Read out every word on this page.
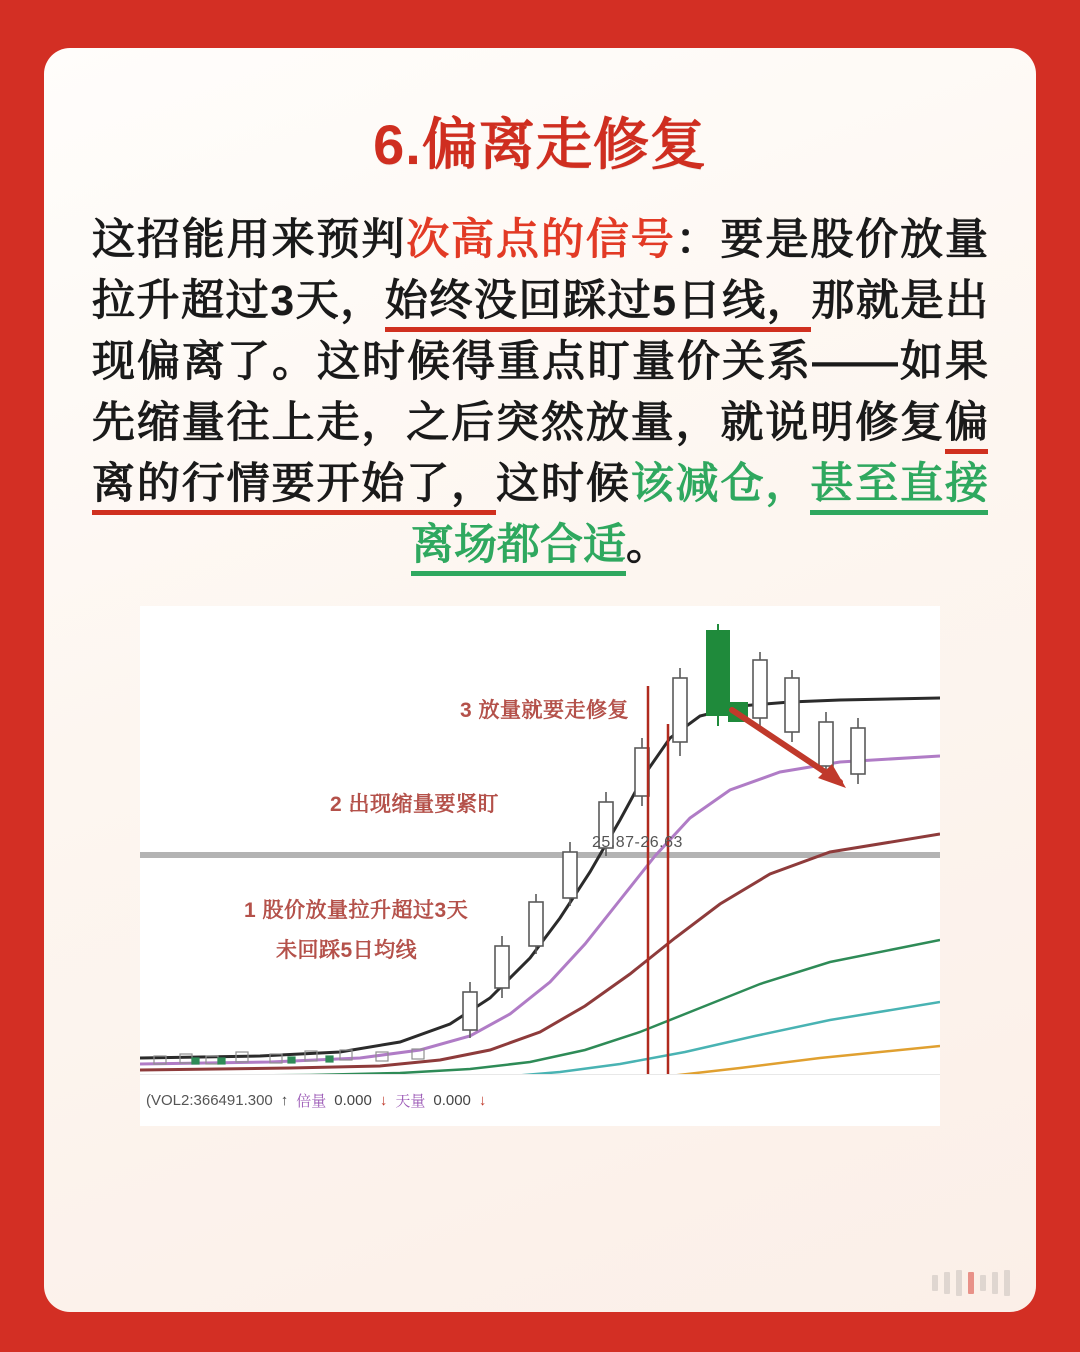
6.偏离走修复
这招能用来预判次高点的信号：要是股价放量拉升超过3天，始终没回踩过5日线，那就是出现偏离了。这时候得重点盯量价关系——如果先缩量往上走，之后突然放量，就说明修复偏离的行情要开始了，这时候该减仓，甚至直接离场都合适。
1 股价放量拉升超过3天
未回踩5日均线
2 出现缩量要紧盯
3 放量就要走修复
25.87-26.63
(VOL2:366491.300 ↑ 倍量 0.000 ↓ 天量 0.000 ↓
